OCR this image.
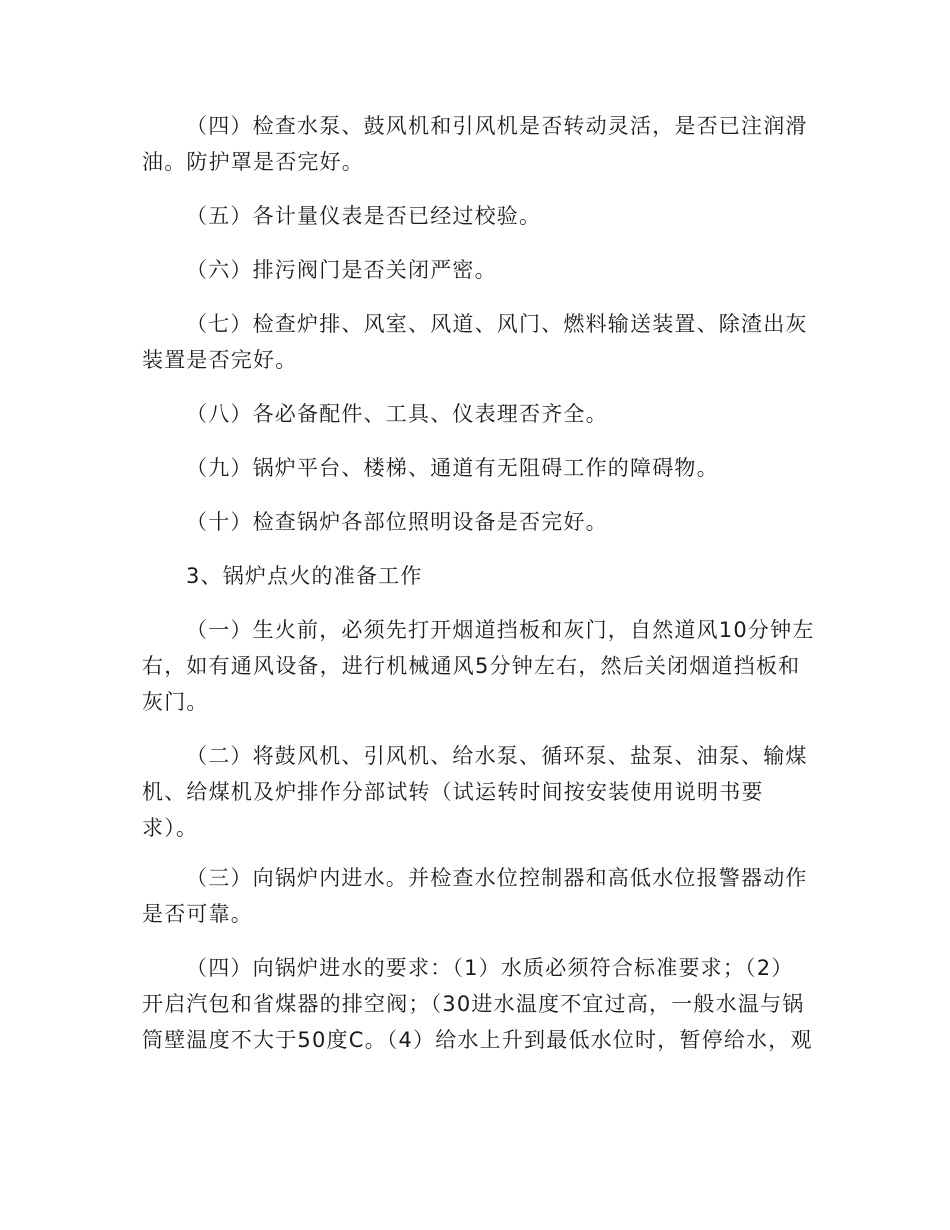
（四）检查水泵、鼓风机和引风机是否转动灵活，是否已注润滑
油。防护罩是否完好。
（五）各计量仪表是否已经过校验。
（六）排污阀门是否关闭严密。
（七）检查炉排、风室、风道、风门、燃料输送装置、除渣出灰
装置是否完好。
（八）各必备配件、工具、仪表理否齐全。
（九）锅炉平台、楼梯、通道有无阻碍工作的障碍物。
（十）检查锅炉各部位照明设备是否完好。
3、锅炉点火的准备工作
（一）生火前，必须先打开烟道挡板和灰门，自然道风10分钟左
右，如有通风设备，进行机械通风5分钟左右，然后关闭烟道挡板和
灰门。
（二）将鼓风机、引风机、给水泵、循环泵、盐泵、油泵、输煤
机、给煤机及炉排作分部试转（试运转时间按安装使用说明书要
求）。
（三）向锅炉内进水。并检查水位控制器和高低水位报警器动作
是否可靠。
（四）向锅炉进水的要求：（1）水质必须符合标准要求；（2）
开启汽包和省煤器的排空阀；（30进水温度不宜过高，一般水温与锅
筒壁温度不大于50度C。（4）给水上升到最低水位时，暂停给水，观
